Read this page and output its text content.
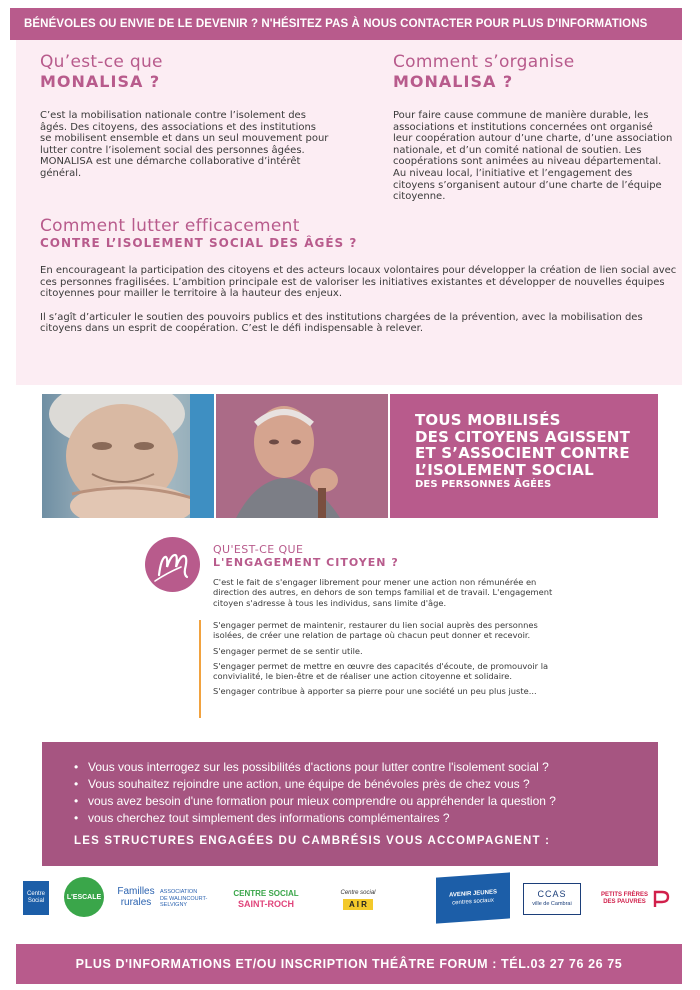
BÉNÉVOLES OU ENVIE DE LE DEVENIR ? N'HÉSITEZ PAS À NOUS CONTACTER POUR PLUS D'INFORMATIONS
Qu’est-ce que
MONALISA ?

C’est la mobilisation nationale contre l’isolement des âgés. Des citoyens, des associations et des institutions se mobilisent ensemble et dans un seul mouvement pour lutter contre l’isolement social des personnes âgées. MONALISA est une démarche collaborative d’intérêt général.

Comment s’organise
MONALISA ?

Pour faire cause commune de manière durable, les associations et institutions concernées ont organisé leur coopération autour d’une charte, d’une association nationale, et d’un comité national de soutien. Les coopérations sont animées au niveau départemental. Au niveau local, l’initiative et l’engagement des citoyens s’organisent autour d’une charte de l’équipe citoyenne.

Comment lutter efficacement
CONTRE L’ISOLEMENT SOCIAL DES ÂGÉS ?

En encourageant la participation des citoyens et des acteurs locaux volontaires pour développer la création de lien social avec ces personnes fragilisées. L’ambition principale est de valoriser les initiatives existantes et développer de nouvelles équipes citoyennes pour mailler le territoire à la hauteur des enjeux.

Il s’agît d’articuler le soutien des pouvoirs publics et des institutions chargées de la prévention, avec la mobilisation des citoyens dans un esprit de coopération. C’est le défi indispensable à relever.

TOUS MOBILISÉS
DES CITOYENS AGISSENT
ET S’ASSOCIENT CONTRE
L’ISOLEMENT SOCIAL
DES PERSONNES ÂGÉES
QU'EST-CE QUE
L'ENGAGEMENT CITOYEN ?

C'est le fait de s'engager librement pour mener une action non rémunérée en direction des autres, en dehors de son temps familial et de travail. L'engagement citoyen s'adresse à tous les individus, sans limite d'âge.

S'engager permet de maintenir, restaurer du lien social auprès des personnes isolées, de créer une relation de partage où chacun peut donner et recevoir.

S'engager permet de se sentir utile.

S'engager permet de mettre en œuvre des capacités d'écoute, de promouvoir la convivialité, le bien-être et de réaliser une action citoyenne et solidaire.

S'engager contribue à apporter sa pierre pour une société un peu plus juste...

• Vous vous interrogez sur les possibilités d'actions pour lutter contre l'isolement social ?
• Vous souhaitez rejoindre une action, une équipe de bénévoles près de chez vous ?
• vous avez besoin d'une formation pour mieux comprendre ou appréhender la question ?
• vous cherchez tout simplement des informations complémentaires ?
LES STRUCTURES ENGAGÉES DU CAMBRÉSIS VOUS ACCOMPAGNENT :
Centre Social
L'ESCALE Familles
rurales
ASSOCIATION
DE WALINCOURT-
SELVIGNY
CENTRE SOCIAL
SAINT-ROCH
Centre social
A I R
AVENIR JEUNES
centres sociaux
CCAS
ville de Cambrai
PETITS FRÈRES
DES PAUVRES
PLUS D'INFORMATIONS ET/OU INSCRIPTION THÉÂTRE FORUM : TÉL.03 27 76 26 75
